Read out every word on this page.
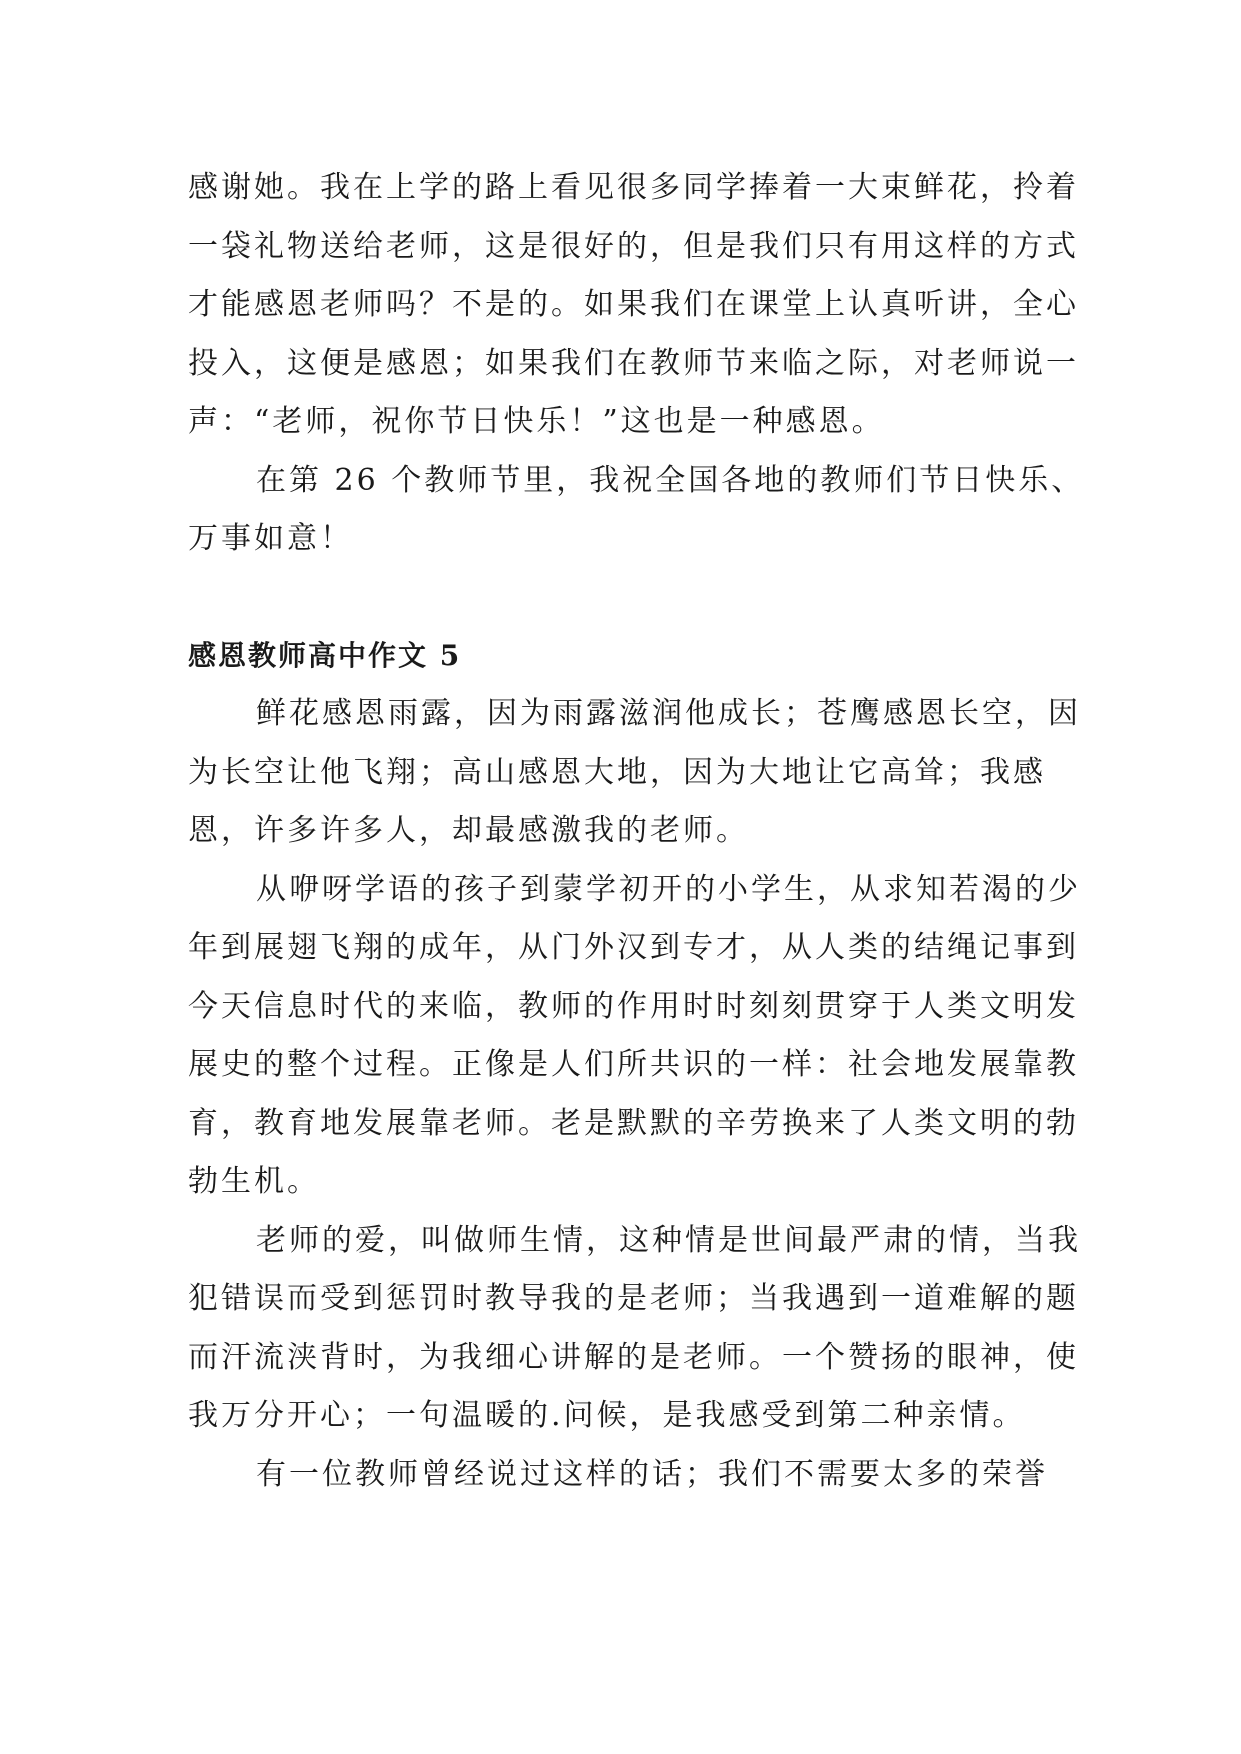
感谢她。我在上学的路上看见很多同学捧着一大束鲜花，拎着一袋礼物送给老师，这是很好的，但是我们只有用这样的方式才能感恩老师吗？不是的。如果我们在课堂上认真听讲，全心投入，这便是感恩；如果我们在教师节来临之际，对老师说一声：“老师，祝你节日快乐！”这也是一种感恩。

在第 26 个教师节里，我祝全国各地的教师们节日快乐、万事如意！

感恩教师高中作文 5

鲜花感恩雨露，因为雨露滋润他成长；苍鹰感恩长空，因为长空让他飞翔；高山感恩大地，因为大地让它高耸；我感恩，许多许多人，却最感激我的老师。

从咿呀学语的孩子到蒙学初开的小学生，从求知若渴的少年到展翅飞翔的成年，从门外汉到专才，从人类的结绳记事到今天信息时代的来临，教师的作用时时刻刻贯穿于人类文明发展史的整个过程。正像是人们所共识的一样：社会地发展靠教育，教育地发展靠老师。老是默默的辛劳换来了人类文明的勃勃生机。

老师的爱，叫做师生情，这种情是世间最严肃的情，当我犯错误而受到惩罚时教导我的是老师；当我遇到一道难解的题而汗流浃背时，为我细心讲解的是老师。一个赞扬的眼神，使我万分开心；一句温暖的.问候，是我感受到第二种亲情。

有一位教师曾经说过这样的话；我们不需要太多的荣誉
